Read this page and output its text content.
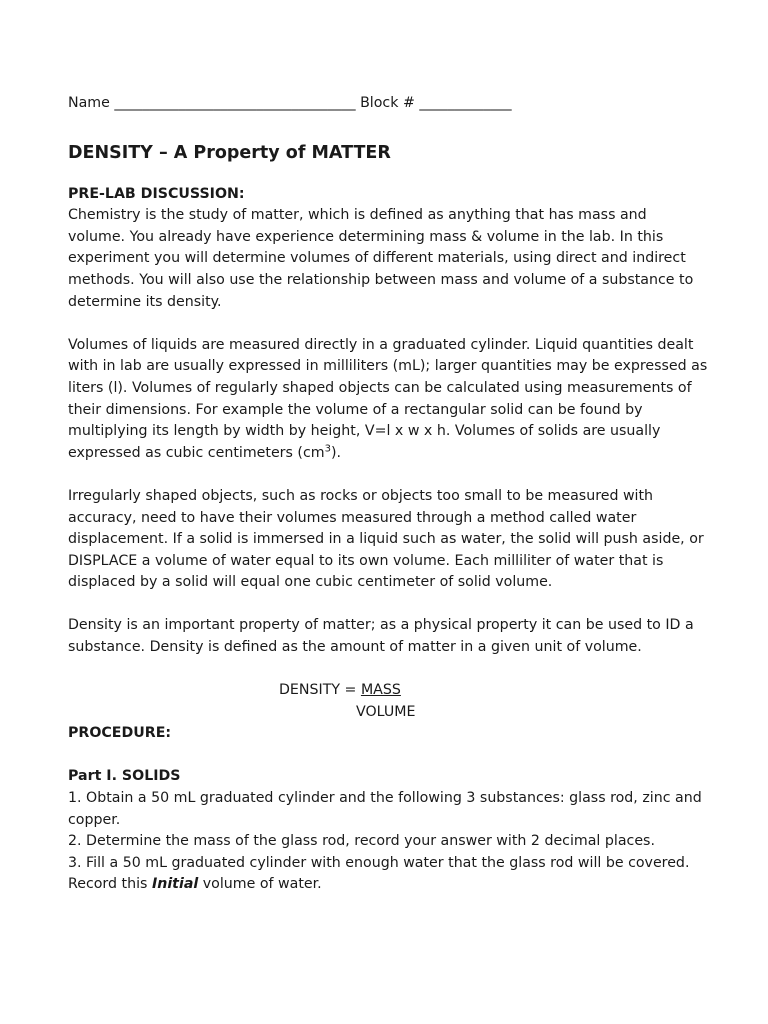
Name __________________________________ Block # _____________

DENSITY – A Property of MATTER

PRE-LAB DISCUSSION:

Chemistry is the study of matter, which is defined as anything that has mass and volume. You already have experience determining mass & volume in the lab. In this experiment you will determine volumes of different materials, using direct and indirect methods. You will also use the relationship between mass and volume of a substance to determine its density.

Volumes of liquids are measured directly in a graduated cylinder. Liquid quantities dealt with in lab are usually expressed in milliliters (mL); larger quantities may be expressed as liters (l). Volumes of regularly shaped objects can be calculated using measurements of their dimensions. For example the volume of a rectangular solid can be found by multiplying its length by width by height, V=l x w x h. Volumes of solids are usually expressed as cubic centimeters $(cm^3)$.

Irregularly shaped objects, such as rocks or objects too small to be measured with accuracy, need to have their volumes measured through a method called water displacement. If a solid is immersed in a liquid such as water, the solid will push aside, or DISPLACE a volume of water equal to its own volume. Each milliliter of water that is displaced by a solid will equal one cubic centimeter of solid volume.

Density is an important property of matter; as a physical property it can be used to ID a substance. Density is defined as the amount of matter in a given unit of volume.

DENSITY = MASS
VOLUME

PROCEDURE:

Part I. SOLIDS

1. Obtain a 50 mL graduated cylinder and the following 3 substances: glass rod, zinc and copper.

2. Determine the mass of the glass rod, record your answer with 2 decimal places.

3. Fill a 50 mL graduated cylinder with enough water that the glass rod will be covered. Record this Initial volume of water.
